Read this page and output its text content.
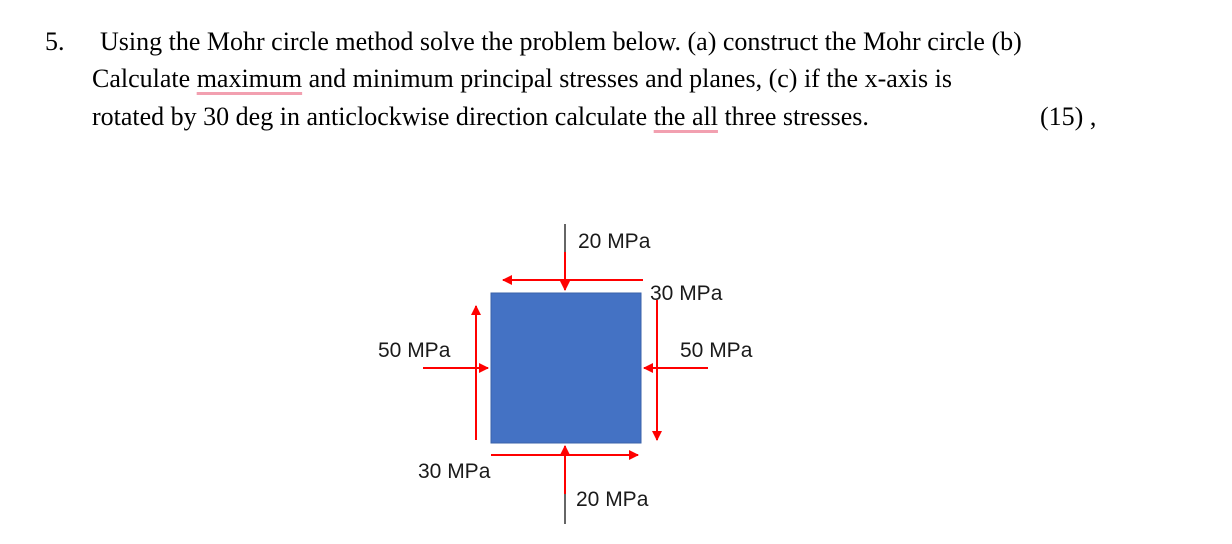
5. Using the Mohr circle method solve the problem below. (a) construct the Mohr circle (b)
Calculate maximum and minimum principal stresses and planes, (c) if the x-axis is
rotated by 30 deg in anticlockwise direction calculate the all three stresses.	(15) ,
20 MPa
30 MPa
50 MPa	50 MPa
30 MPa
20 MPa
